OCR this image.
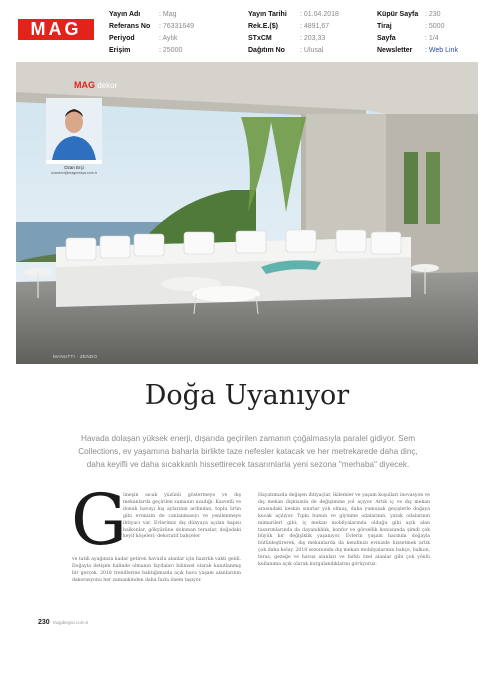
MAG
Yayın Adı	: Mag
Referans No	: 76331649
Periyod	: Aylık
Erişim	: 25000
Yayın Tarihi	: 01.04.2018
Rek.E.($)	: 4891,67
STxCM	: 203,33
Dağıtım No	: Ulusal
Küpür Sayfa : 230
Tiraj	: 5000
Sayfa	: 1/4
Newsletter	: Web Link
MAG dekor
Ozan Erçi
ozanerci@magmedya.com.tr
MANUTTI · ZENDO
Doğa Uyanıyor
Havada dolaşan yüksek enerji, dışarıda geçirilen zamanın çoğalmasıyla paralel gidiyor. Sem Collections, ev yaşamına baharla birlikte taze nefesler katacak ve her metrekarede daha dinç, daha keyifli ve daha sıcakkanlı hissettirecek tasarımlarla yeni sezona "merhaba" diyecek.
G
üneşin sıcak yüzünü göstermeye ve dış mekanlarda geçirilen zamanın uzadığı. Kasvetli ve donuk havayı kış aylarının ardından, toplu ürün gibi evimizin de canlanmasıyı ve yenilenmeye ihtiyacı var. Evlerimiz dış dünyaya açılan kapısı balkonlar, gökyüzüne dokunan teraslar, doğadaki keyif köşeleri; dekoratif bahçeler
ve tatili ayağınıza kadar getiren havuzlu alanlar için hazırlık vakti geldi. Doğayla iletişim halinde olmanın faydaları bilimsel olarak kanıtlanmış bir gerçek. 2018 trendlerine baktığımızda açık hava yaşam alanlarının dekorasyonu her zamankinden daha fazla önem taşıyor.
Hayatımızda değişen ihtiyaçlar, ikilemler ve yaşam koşulları inovasyon ve dış mekan ilişkisinin de değişimine yol açıyor. Artık iç ve dış mekan arasındaki keskin sınırlar yok olmuş, daha yumuşak geçişlerle doğaya kucak açılıyor. Tıpkı bunun ve giyinme odalarının, yatak odalarının mimarileri gibi; iç mekan mobilyalarında olduğu gibi açık alan tasarımlarında da dayanıklılık, konfor ve görsellik konusunda şimdi çok büyük bir değişiklik yaşanıyor. Evlerin yaşam hacmini doğayla bütünleştirerek, dış mekanlarda da kendinizi evinizde hissetmek artık çok daha kolay. 2018 sezonunda dış mekan mobilyalarının bahçe, balkon, teras, gezeğe ve havuz alanları ve farklı özel alanlar gibi çok yönlü kullanıma açık olarak kurgulandıklarını görüyoruz.
230 magdergisi.com.tr
